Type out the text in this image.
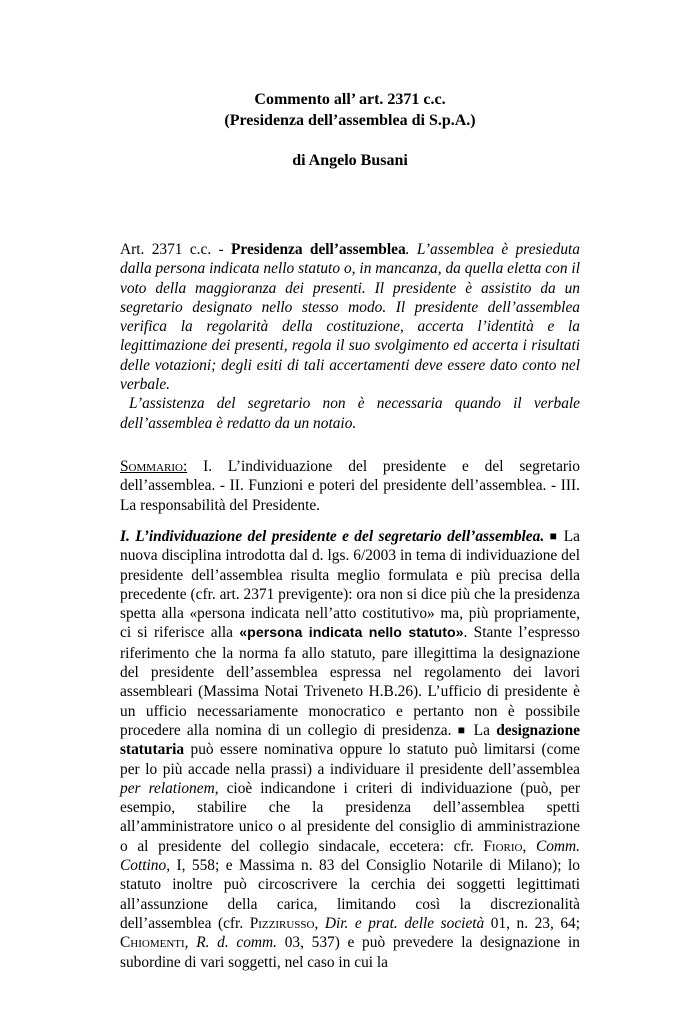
Commento all’ art. 2371 c.c.
(Presidenza dell’assemblea di S.p.A.)
di Angelo Busani

Art. 2371 c.c. - Presidenza dell’assemblea. L’assemblea è presieduta dalla persona indicata nello statuto o, in mancanza, da quella eletta con il voto della maggioranza dei presenti. Il presidente è assistito da un segretario designato nello stesso modo. Il presidente dell’assemblea verifica la regolarità della costituzione, accerta l’identità e la legittimazione dei presenti, regola il suo svolgimento ed accerta i risultati delle votazioni; degli esiti di tali accertamenti deve essere dato conto nel verbale.

L’assistenza del segretario non è necessaria quando il verbale dell’assemblea è redatto da un notaio.

Sommario: I. L’individuazione del presidente e del segretario dell’assemblea. - II. Funzioni e poteri del presidente dell’assemblea. - III. La responsabilità del Presidente.

I. L’individuazione del presidente e del segretario dell’assemblea. ■ La nuova disciplina introdotta dal d. lgs. 6/2003 in tema di individuazione del presidente dell’assemblea risulta meglio formulata e più precisa della precedente (cfr. art. 2371 previgente): ora non si dice più che la presidenza spetta alla «persona indicata nell’atto costitutivo» ma, più propriamente, ci si riferisce alla «persona indicata nello statuto». Stante l’espresso riferimento che la norma fa allo statuto, pare illegittima la designazione del presidente dell’assemblea espressa nel regolamento dei lavori assembleari (Massima Notai Triveneto H.B.26). L’ufficio di presidente è un ufficio necessariamente monocratico e pertanto non è possibile procedere alla nomina di un collegio di presidenza. ■ La designazione statutaria può essere nominativa oppure lo statuto può limitarsi (come per lo più accade nella prassi) a individuare il presidente dell’assemblea per relationem, cioè indicandone i criteri di individuazione (può, per esempio, stabilire che la presidenza dell’assemblea spetti all’amministratore unico o al presidente del consiglio di amministrazione o al presidente del collegio sindacale, eccetera: cfr. Fiorio, Comm. Cottino, I, 558; e Massima n. 83 del Consiglio Notarile di Milano); lo statuto inoltre può circoscrivere la cerchia dei soggetti legittimati all’assunzione della carica, limitando così la discrezionalità dell’assemblea (cfr. Pizzirusso, Dir. e prat. delle società 01, n. 23, 64; Chiomenti, R. d. comm. 03, 537) e può prevedere la designazione in subordine di vari soggetti, nel caso in cui la
